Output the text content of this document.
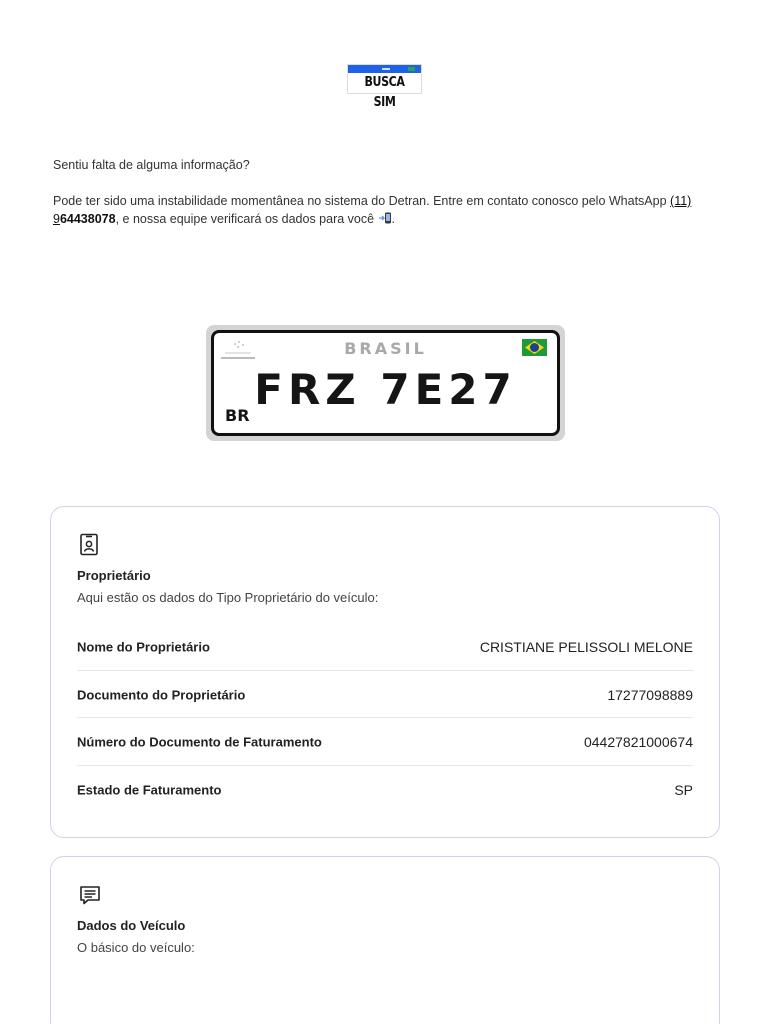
BUSCA SIM

Sentiu falta de alguma informação?

Pode ter sido uma instabilidade momentânea no sistema do Detran. Entre em contato conosco pelo WhatsApp (11) 964438078, e nossa equipe verificará os dados para você .

BRASIL
FRZ 7E27
BR
Proprietário
Aqui estão os dados do Tipo Proprietário do veículo:
Nome do Proprietário	CRISTIANE PELISSOLI MELONE
Documento do Proprietário	17277098889
Número do Documento de Faturamento	04427821000674
Estado de Faturamento	SP
Dados do Veículo
O básico do veículo:
